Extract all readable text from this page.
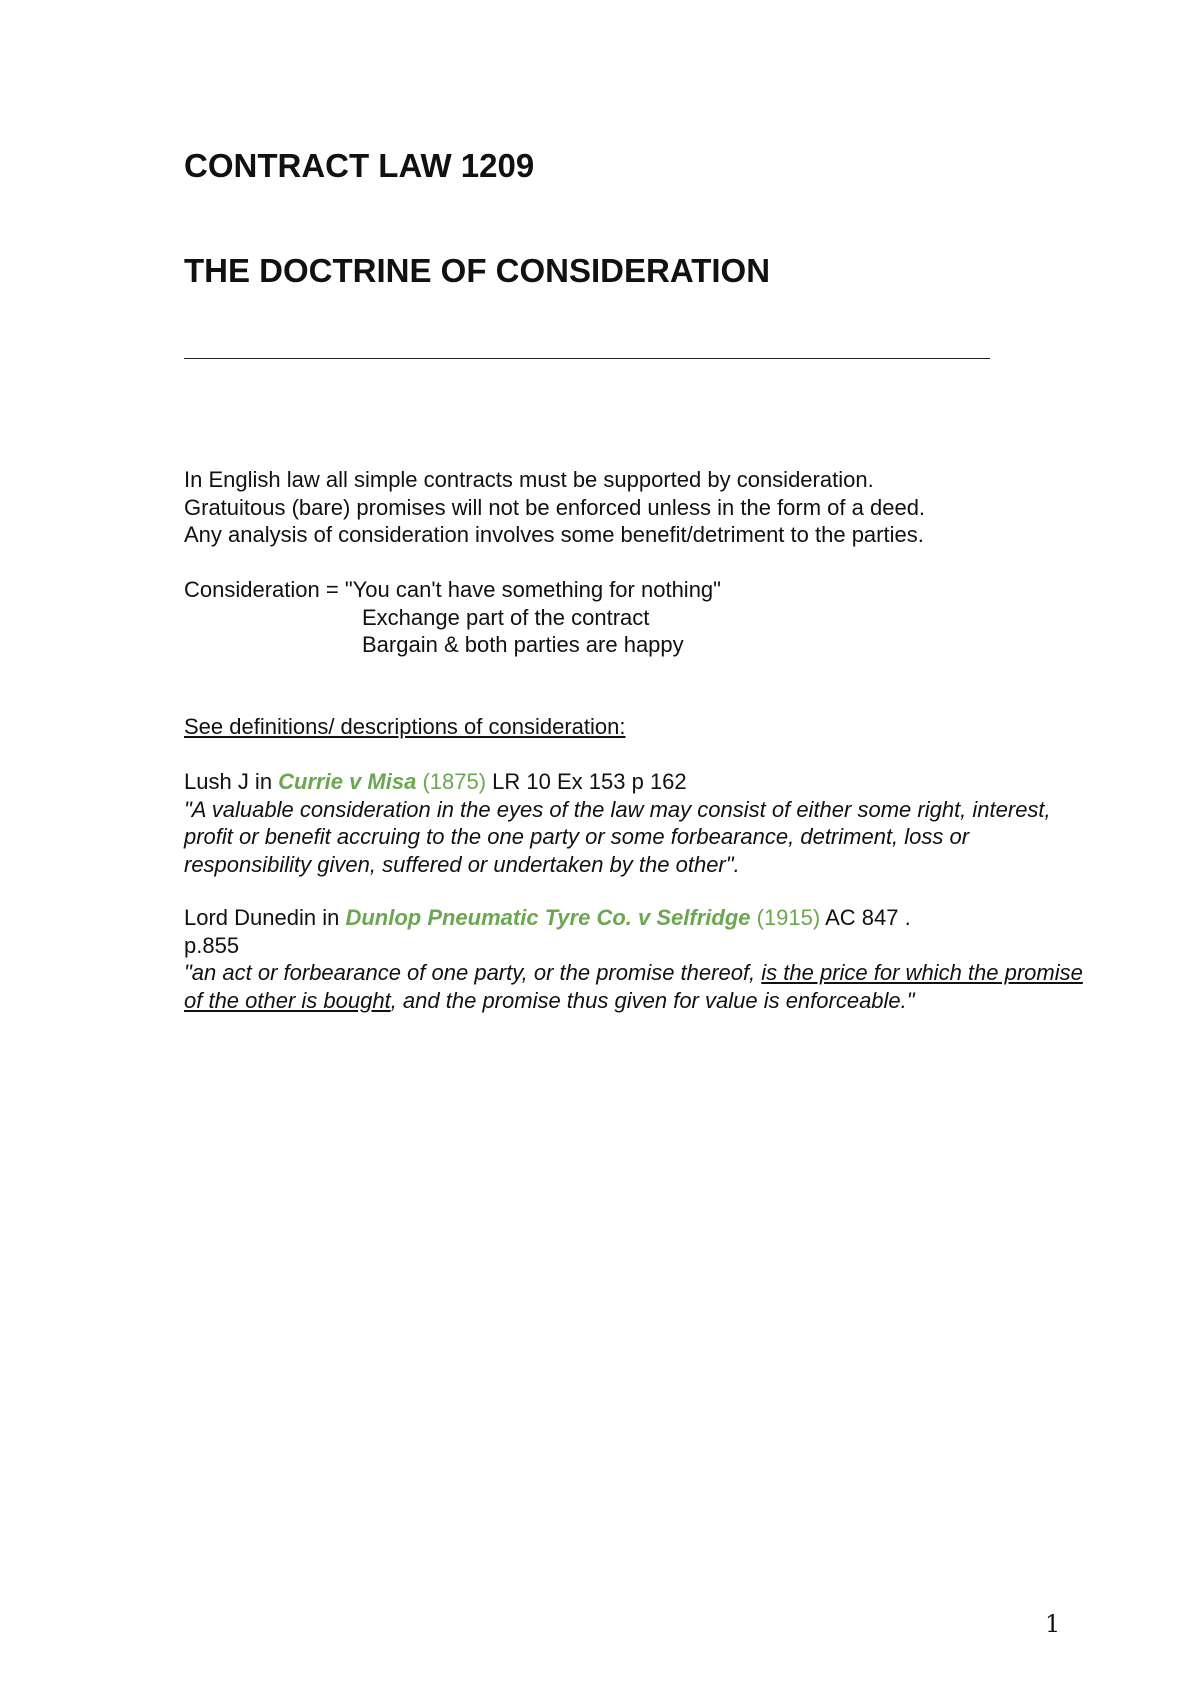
CONTRACT LAW 1209
THE DOCTRINE OF CONSIDERATION

In English law all simple contracts must be supported by consideration.

Gratuitous (bare) promises will not be enforced unless in the form of a deed.

Any analysis of consideration involves some benefit/detriment to the parties.

Consideration = "You can't have something for nothing"

Exchange part of the contract

Bargain & both parties are happy

See definitions/ descriptions of consideration:

Lush J in Currie v Misa (1875) LR 10 Ex 153 p 162

"A valuable consideration in the eyes of the law may consist of either some right, interest, profit or benefit accruing to the one party or some forbearance, detriment, loss or responsibility given, suffered or undertaken by the other".

Lord Dunedin in Dunlop Pneumatic Tyre Co. v Selfridge (1915) AC 847 . p.855

"an act or forbearance of one party, or the promise thereof, is the price for which the promise of the other is bought, and the promise thus given for value is enforceable."

1
